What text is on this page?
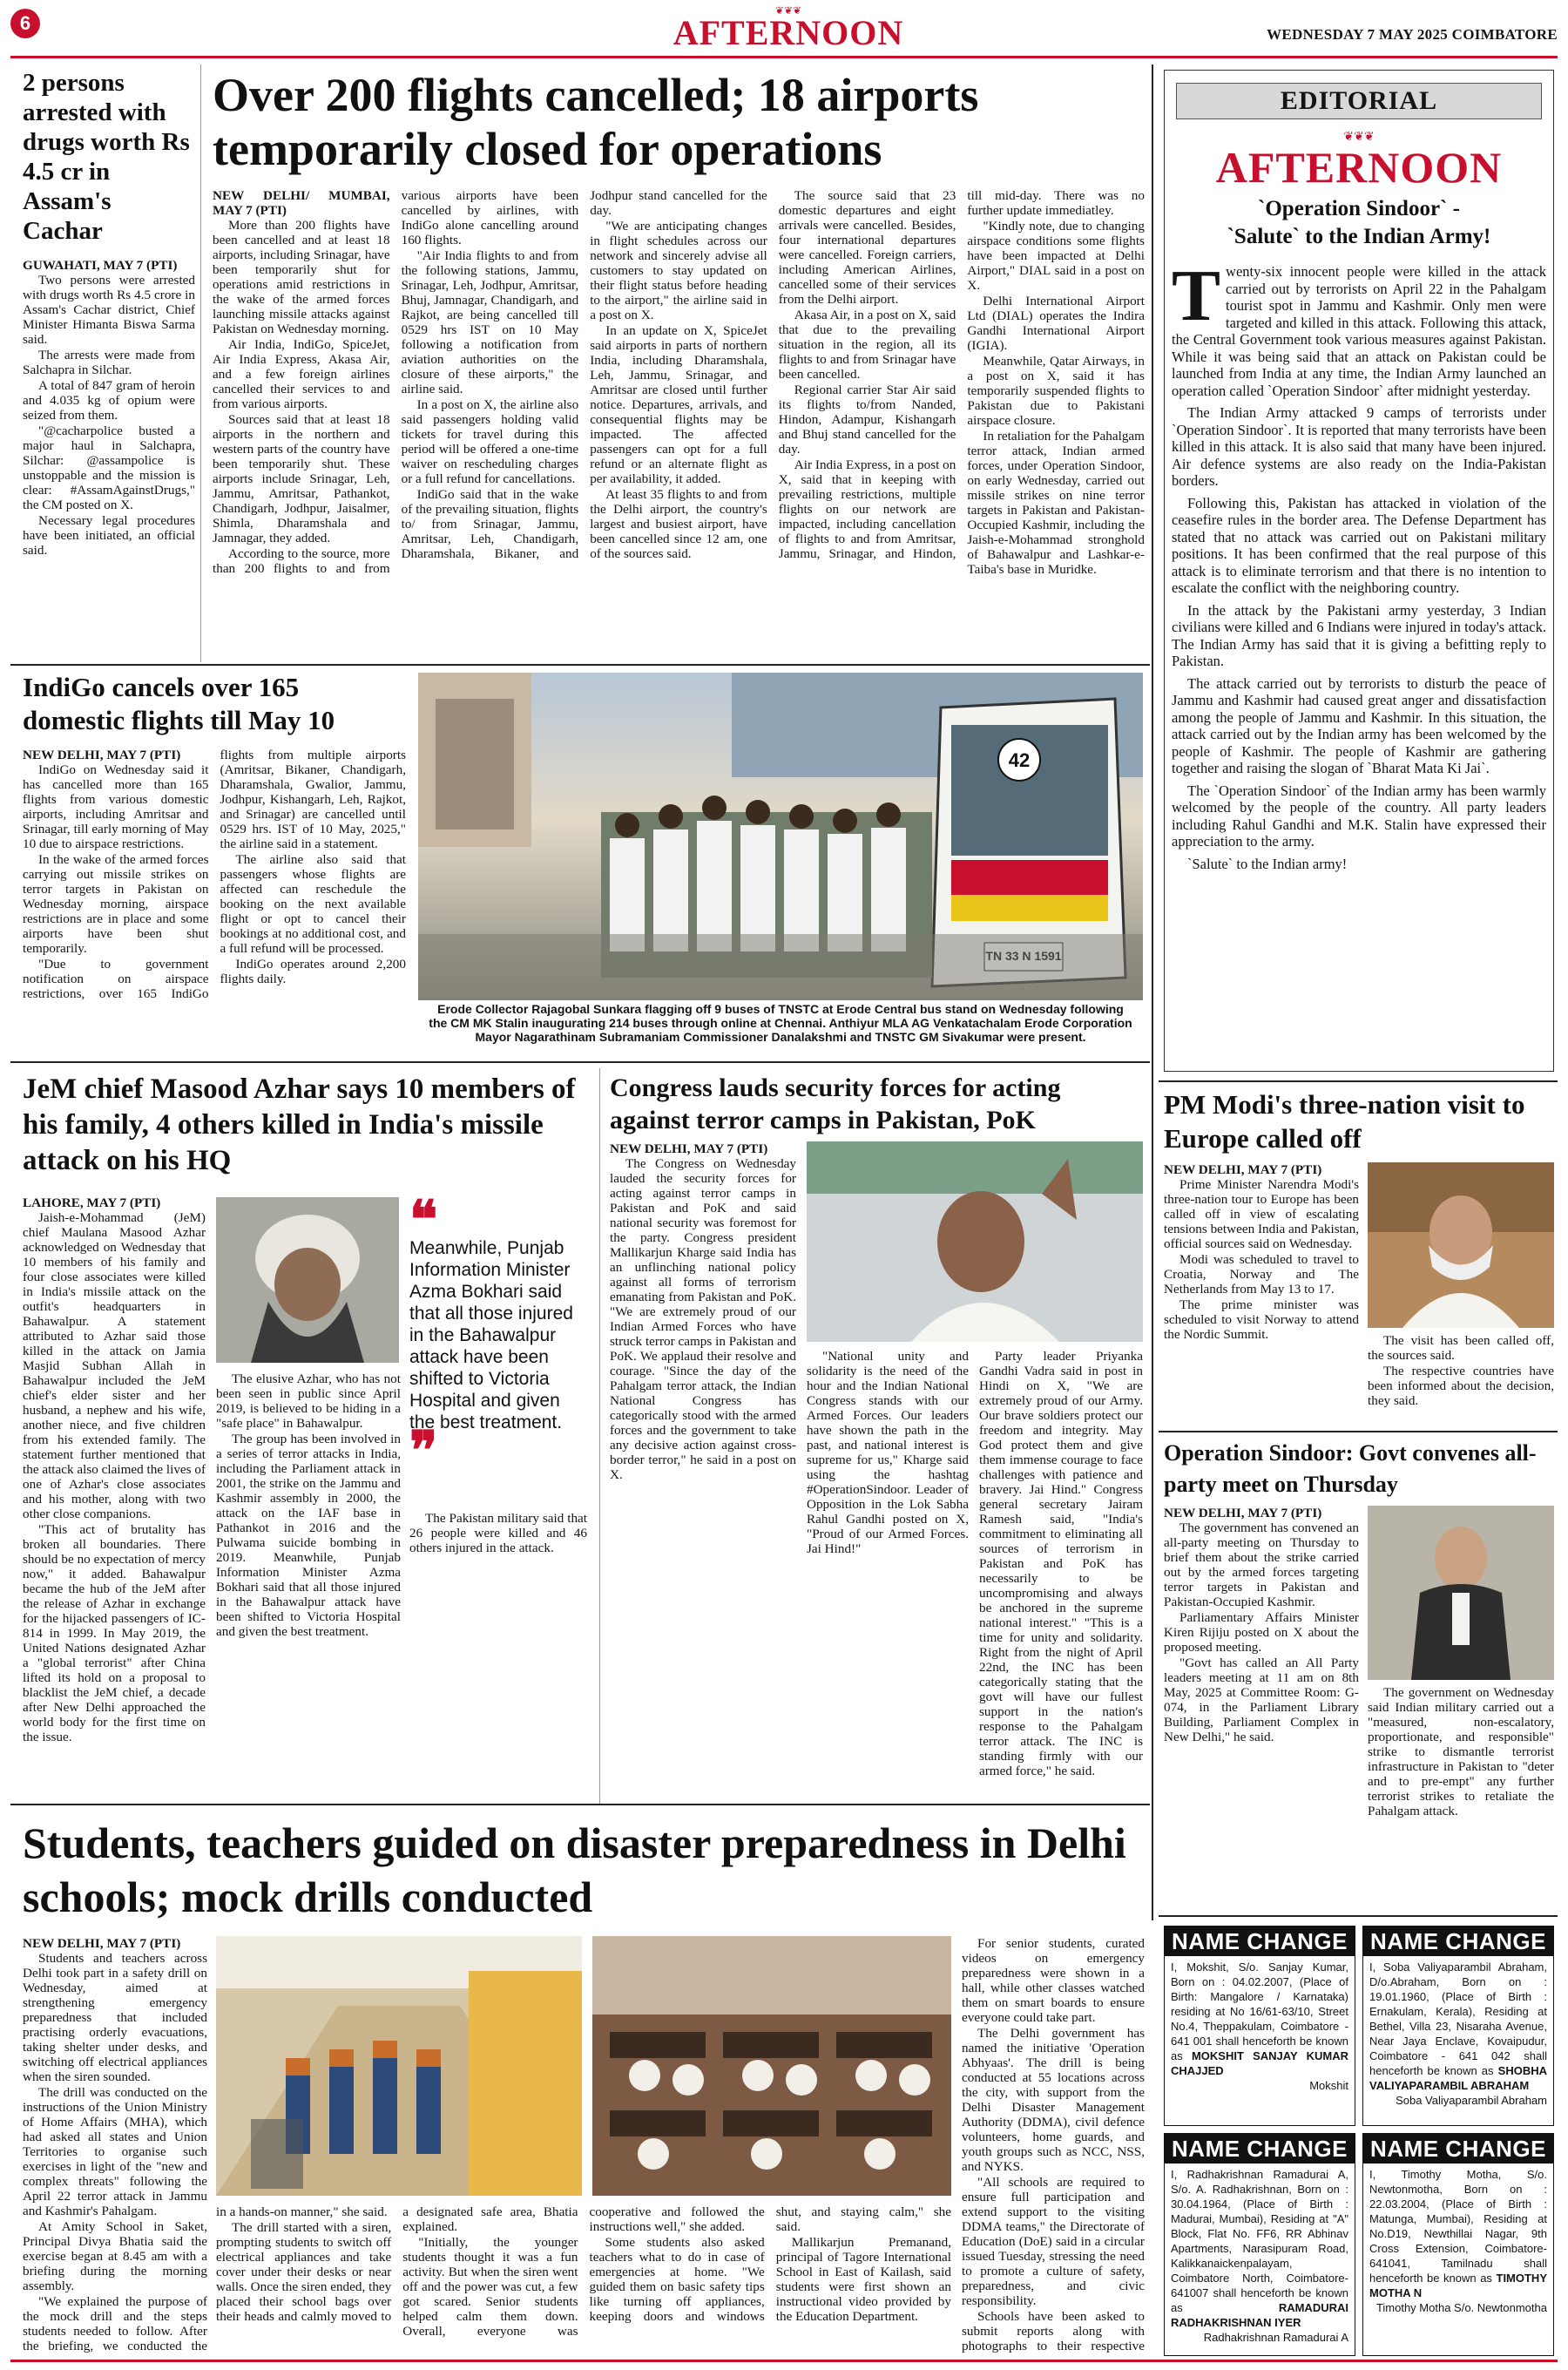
6	AFTERNOON
❦❦❦
WEDNESDAY 7 MAY 2025 COIMBATORE
2 persons arrested with drugs worth Rs 4.5 cr in Assam's Cachar
GUWAHATI, MAY 7 (PTI)

Two persons were arrested with drugs worth Rs 4.5 crore in Assam's Cachar district, Chief Minister Himanta Biswa Sarma said.

The arrests were made from Salchapra in Silchar.

A total of 847 gram of heroin and 4.035 kg of opium were seized from them.

"@cacharpolice busted a major haul in Salchapra, Silchar: @assampolice is unstoppable and the mission is clear: #AssamAgainstDrugs," the CM posted on X.

Necessary legal procedures have been initiated, an official said.

Over 200 flights cancelled; 18 airports temporarily closed for operations
NEW DELHI/ MUMBAI, MAY 7 (PTI)

More than 200 flights have been cancelled and at least 18 airports, including Srinagar, have been temporarily shut for operations amid restrictions in the wake of the armed forces launching missile attacks against Pakistan on Wednesday morning.

Air India, IndiGo, SpiceJet, Air India Express, Akasa Air, and a few foreign airlines cancelled their services to and from various airports.

Sources said that at least 18 airports in the northern and western parts of the country have been temporarily shut. These airports include Srinagar, Leh, Jammu, Amritsar, Pathankot, Chandigarh, Jodhpur, Jaisalmer, Shimla, Dharamshala and Jamnagar, they added.

According to the source, more than 200 flights to and from various airports have been cancelled by airlines, with IndiGo alone cancelling around 160 flights.

"Air India flights to and from the following stations, Jammu, Srinagar, Leh, Jodhpur, Amritsar, Bhuj, Jamnagar, Chandigarh, and Rajkot, are being cancelled till 0529 hrs IST on 10 May following a notification from aviation authorities on the closure of these airports," the airline said.

In a post on X, the airline also said passengers holding valid tickets for travel during this period will be offered a one-time waiver on rescheduling charges or a full refund for cancellations.

IndiGo said that in the wake of the prevailing situation, flights to/ from Srinagar, Jammu, Amritsar, Leh, Chandigarh, Dharamshala, Bikaner, and Jodhpur stand cancelled for the day.

"We are anticipating changes in flight schedules across our network and sincerely advise all customers to stay updated on their flight status before heading to the airport," the airline said in a post on X.

In an update on X, SpiceJet said airports in parts of northern India, including Dharamshala, Leh, Jammu, Srinagar, and Amritsar are closed until further notice. Departures, arrivals, and consequential flights may be impacted. The affected passengers can opt for a full refund or an alternate flight as per availability, it added.

At least 35 flights to and from the Delhi airport, the country's largest and busiest airport, have been cancelled since 12 am, one of the sources said.

The source said that 23 domestic departures and eight arrivals were cancelled. Besides, four international departures were cancelled. Foreign carriers, including American Airlines, cancelled some of their services from the Delhi airport.

Akasa Air, in a post on X, said that due to the prevailing situation in the region, all its flights to and from Srinagar have been cancelled.

Regional carrier Star Air said its flights to/from Nanded, Hindon, Adampur, Kishangarh and Bhuj stand cancelled for the day.

Air India Express, in a post on X, said that in keeping with prevailing restrictions, multiple flights on our network are impacted, including cancellation of flights to and from Amritsar, Jammu, Srinagar, and Hindon, till mid-day. There was no further update immediatley.

"Kindly note, due to changing airspace conditions some flights have been impacted at Delhi Airport," DIAL said in a post on X.

Delhi International Airport Ltd (DIAL) operates the Indira Gandhi International Airport (IGIA).

Meanwhile, Qatar Airways, in a post on X, said it has temporarily suspended flights to Pakistan due to Pakistani airspace closure.

In retaliation for the Pahalgam terror attack, Indian armed forces, under Operation Sindoor, on early Wednesday, carried out missile strikes on nine terror targets in Pakistan and Pakistan-Occupied Kashmir, including the Jaish-e-Mohammad stronghold of Bahawalpur and Lashkar-e-Taiba's base in Muridke.

EDITORIAL
❦❦❦
AFTERNOON
`Operation Sindoor` -
`Salute` to the Indian Army!

Twenty-six innocent people were killed in the attack carried out by terrorists on April 22 in the Pahalgam tourist spot in Jammu and Kashmir. Only men were targeted and killed in this attack. Following this attack, the Central Government took various measures against Pakistan. While it was being said that an attack on Pakistan could be launched from India at any time, the Indian Army launched an operation called `Operation Sindoor` after midnight yesterday.

The Indian Army attacked 9 camps of terrorists under `Operation Sindoor`. It is reported that many terrorists have been killed in this attack. It is also said that many have been injured. Air defence systems are also ready on the India-Pakistan borders.

Following this, Pakistan has attacked in violation of the ceasefire rules in the border area. The Defense Department has stated that no attack was carried out on Pakistani military positions. It has been confirmed that the real purpose of this attack is to eliminate terrorism and that there is no intention to escalate the conflict with the neighboring country.

In the attack by the Pakistani army yesterday, 3 Indian civilians were killed and 6 Indians were injured in today's attack. The Indian Army has said that it is giving a befitting reply to Pakistan.

The attack carried out by terrorists to disturb the peace of Jammu and Kashmir had caused great anger and dissatisfaction among the people of Jammu and Kashmir. In this situation, the attack carried out by the Indian army has been welcomed by the people of Kashmir. The people of Kashmir are gathering together and raising the slogan of `Bharat Mata Ki Jai`.

The `Operation Sindoor` of the Indian army has been warmly welcomed by the people of the country. All party leaders including Rahul Gandhi and M.K. Stalin have expressed their appreciation to the army.

`Salute` to the Indian army!

IndiGo cancels over 165 domestic flights till May 10
NEW DELHI, MAY 7 (PTI)

IndiGo on Wednesday said it has cancelled more than 165 flights from various domestic airports, including Amritsar and Srinagar, till early morning of May 10 due to airspace restrictions.

In the wake of the armed forces carrying out missile strikes on terror targets in Pakistan on Wednesday morning, airspace restrictions are in place and some airports have been shut temporarily.

"Due to government notification on airspace restrictions, over 165 IndiGo flights from multiple airports (Amritsar, Bikaner, Chandigarh, Dharamshala, Gwalior, Jammu, Jodhpur, Kishangarh, Leh, Rajkot, and Srinagar) are cancelled until 0529 hrs. IST of 10 May, 2025," the airline said in a statement.

The airline also said that passengers whose flights are affected can reschedule the booking on the next available flight or opt to cancel their bookings at no additional cost, and a full refund will be processed.

IndiGo operates around 2,200 flights daily.

42
Erode Collector Rajagobal Sunkara flagging off 9 buses of TNSTC at Erode Central bus stand on Wednesday following the CM MK Stalin inaugurating 214 buses through online at Chennai. Anthiyur MLA AG Venkatachalam Erode Corporation Mayor Nagarathinam Subramaniam Commissioner Danalakshmi and TNSTC GM Sivakumar were present.
JeM chief Masood Azhar says 10 members of his family, 4 others killed in India's missile attack on his HQ
LAHORE, MAY 7 (PTI)

Jaish-e-Mohammad (JeM) chief Maulana Masood Azhar acknowledged on Wednesday that 10 members of his family and four close associates were killed in India's missile attack on the outfit's headquarters in Bahawalpur. A statement attributed to Azhar said those killed in the attack on Jamia Masjid Subhan Allah in Bahawalpur included the JeM chief's elder sister and her husband, a nephew and his wife, another niece, and five children from his extended family. The statement further mentioned that the attack also claimed the lives of one of Azhar's close associates and his mother, along with two other close companions.

"This act of brutality has broken all boundaries. There should be no expectation of mercy now," it added. Bahawalpur became the hub of the JeM after the release of Azhar in exchange for the hijacked passengers of IC-814 in 1999. In May 2019, the United Nations designated Azhar a "global terrorist" after China lifted its hold on a proposal to blacklist the JeM chief, a decade after New Delhi approached the world body for the first time on the issue.

❝
Meanwhile, Punjab Information Minister Azma Bokhari said that all those injured in the Bahawalpur attack have been shifted to Victoria Hospital and given the best treatment.
❞

The elusive Azhar, who has not been seen in public since April 2019, is believed to be hiding in a "safe place" in Bahawalpur.

The group has been involved in a series of terror attacks in India, including the Parliament attack in 2001, the strike on the Jammu and Kashmir assembly in 2000, the attack on the IAF base in Pathankot in 2016 and the Pulwama suicide bombing in 2019. Meanwhile, Punjab Information Minister Azma Bokhari said that all those injured in the Bahawalpur attack have been shifted to Victoria Hospital and given the best treatment.

The Pakistan military said that 26 people were killed and 46 others injured in the attack.

Congress lauds security forces for acting against terror camps in Pakistan, PoK
NEW DELHI, MAY 7 (PTI)

The Congress on Wednesday lauded the security forces for acting against terror camps in Pakistan and PoK and said national security was foremost for the party. Congress president Mallikarjun Kharge said India has an unflinching national policy against all forms of terrorism emanating from Pakistan and PoK. "We are extremely proud of our Indian Armed Forces who have struck terror camps in Pakistan and PoK. We applaud their resolve and courage. "Since the day of the Pahalgam terror attack, the Indian National Congress has categorically stood with the armed forces and the government to take any decisive action against cross-border terror," he said in a post on X.

"National unity and solidarity is the need of the hour and the Indian National Congress stands with our Armed Forces. Our leaders have shown the path in the past, and national interest is supreme for us," Kharge said using the hashtag #OperationSindoor. Leader of Opposition in the Lok Sabha Rahul Gandhi posted on X, "Proud of our Armed Forces. Jai Hind!"

Party leader Priyanka Gandhi Vadra said in post in Hindi on X, "We are extremely proud of our Army. Our brave soldiers protect our freedom and integrity. May God protect them and give them immense courage to face challenges with patience and bravery. Jai Hind." Congress general secretary Jairam Ramesh said, "India's commitment to eliminating all sources of terrorism in Pakistan and PoK has necessarily to be uncompromising and always be anchored in the supreme national interest." "This is a time for unity and solidarity. Right from the night of April 22nd, the INC has been categorically stating that the govt will have our fullest support in the nation's response to the Pahalgam terror attack. The INC is standing firmly with our armed force," he said.

PM Modi's three-nation visit to Europe called off
NEW DELHI, MAY 7 (PTI)

Prime Minister Narendra Modi's three-nation tour to Europe has been called off in view of escalating tensions between India and Pakistan, official sources said on Wednesday.

Modi was scheduled to travel to Croatia, Norway and The Netherlands from May 13 to 17.

The prime minister was scheduled to visit Norway to attend the Nordic Summit.	The visit has been called off, the sources said.

The respective countries have been informed about the decision, they said.

Operation Sindoor: Govt convenes all-party meet on Thursday
NEW DELHI, MAY 7 (PTI)

The government has convened an all-party meeting on Thursday to brief them about the strike carried out by the armed forces targeting terror targets in Pakistan and Pakistan-Occupied Kashmir.

Parliamentary Affairs Minister Kiren Rijiju posted on X about the proposed meeting.

"Govt has called an All Party leaders meeting at 11 am on 8th May, 2025 at Committee Room: G-074, in the Parliament Library Building, Parliament Complex in New Delhi," he said.

The government on Wednesday said Indian military carried out a "measured, non-escalatory, proportionate, and responsible" strike to dismantle terrorist infrastructure in Pakistan to "deter and to pre-empt" any further terrorist strikes to retaliate the Pahalgam attack.

Students, teachers guided on disaster preparedness in Delhi schools; mock drills conducted
NEW DELHI, MAY 7 (PTI)

Students and teachers across Delhi took part in a safety drill on Wednesday, aimed at strengthening emergency preparedness that included practising orderly evacuations, taking shelter under desks, and switching off electrical appliances when the siren sounded.

The drill was conducted on the instructions of the Union Ministry of Home Affairs (MHA), which had asked all states and Union Territories to organise such exercises in light of the "new and complex threats" following the April 22 terror attack in Jammu and Kashmir's Pahalgam.

At Amity School in Saket, Principal Divya Bhatia said the exercise began at 8.45 am with a briefing during the morning assembly.

"We explained the purpose of the mock drill and the steps students needed to follow. After the briefing, we conducted the

in a hands-on manner," she said.

The drill started with a siren, prompting students to switch off electrical appliances and take cover under their desks or near walls. Once the siren ended, they placed their school bags over their heads and calmly moved to a designated safe area, Bhatia explained.

"Initially, the younger students thought it was a fun activity. But when the siren went off and the power was cut, a few got scared. Senior students helped calm them down. Overall, everyone was cooperative and followed the instructions well," she added.

Some students also asked teachers what to do in case of emergencies at home. "We guided them on basic safety tips like turning off appliances, keeping doors and windows shut, and staying calm," she said.

Mallikarjun Premanand, principal of Tagore International School in East of Kailash, said students were first shown an instructional video provided by the Education Department.

For senior students, curated videos on emergency preparedness were shown in a hall, while other classes watched them on smart boards to ensure everyone could take part.

The Delhi government has named the initiative 'Operation Abhyaas'. The drill is being conducted at 55 locations across the city, with support from the Delhi Disaster Management Authority (DDMA), civil defence volunteers, home guards, and youth groups such as NCC, NSS, and NYKS.

"All schools are required to ensure full participation and extend support to the visiting DDMA teams," the Directorate of Education (DoE) said in a circular issued Tuesday, stressing the need to promote a culture of safety, preparedness, and civic responsibility.

Schools have been asked to submit reports along with photographs to their respective

NAME CHANGE
I, Mokshit, S/o. Sanjay Kumar, Born on : 04.02.2007, (Place of Birth: Mangalore / Karnataka) residing at No 16/61-63/10, Street No.4, Theppakulam, Coimbatore - 641 001 shall henceforth be known as MOKSHIT SANJAY KUMAR CHAJJED
Mokshit
NAME CHANGE
I, Soba Valiyaparambil Abraham, D/o.Abraham, Born on : 19.01.1960, (Place of Birth : Ernakulam, Kerala), Residing at Bethel, Villa 23, Nisaraha Avenue, Near Jaya Enclave, Kovaipudur, Coimbatore - 641 042 shall henceforth be known as SHOBHA VALIYAPARAMBIL ABRAHAM
Soba Valiyaparambil Abraham
NAME CHANGE
I, Radhakrishnan Ramadurai A, S/o. A. Radhakrishnan, Born on : 30.04.1964, (Place of Birth : Madurai, Mumbai), Residing at "A" Block, Flat No. FF6, RR Abhinav Apartments, Narasipuram Road, Kalikkanaickenpalayam, Coimbatore North, Coimbatore-641007 shall henceforth be known as RAMADURAI RADHAKRISHNAN IYER
Radhakrishnan Ramadurai A
NAME CHANGE
I, Timothy Motha, S/o. Newtonmotha, Born on : 22.03.2004, (Place of Birth : Matunga, Mumbai), Residing at No.D19, Newthillai Nagar, 9th Cross Extension, Coimbatore-641041, Tamilnadu shall henceforth be known as TIMOTHY MOTHA N
Timothy Motha S/o. Newtonmotha
